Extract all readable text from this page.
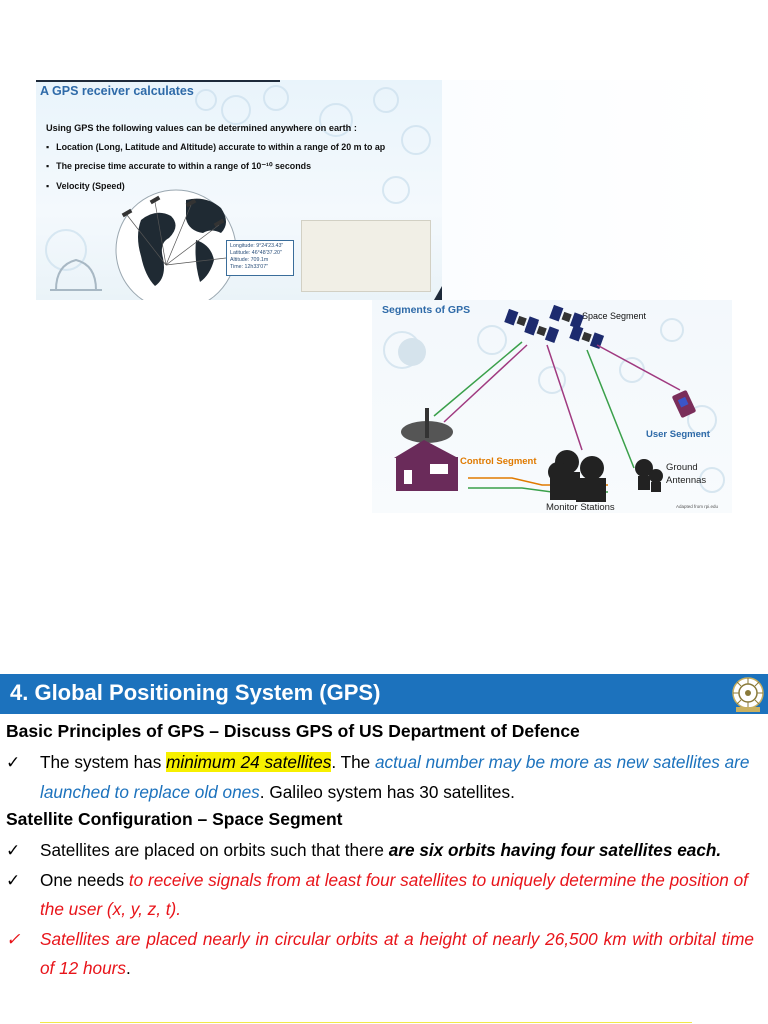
A GPS receiver calculates
Using GPS the following values can be determined anywhere on earth :
▪ Location (Long, Latitude and Altitude) accurate to within a range of 20 m to ap
▪ The precise time accurate to within a range of 10⁻¹⁰ seconds
▪ Velocity (Speed)
Longitude: 9°24'23.43"
Latitude: 46°48'37.20"
Altitude: 709.1m
Time: 12h33'07"
Segments of GPS	Space Segment
User Segment
Control Segment
Ground
Antennas
Monitor Stations	Adapted from rpi.edu
4. Global Positioning System (GPS)
Basic Principles of GPS – Discuss GPS of US Department of Defence
✓ The system has minimum 24 satellites. The actual number may be more as new satellites are launched to replace old ones. Galileo system has 30 satellites.
Satellite Configuration – Space Segment
✓ Satellites are placed on orbits such that there are six orbits having four satellites each.
✓ One needs to receive signals from at least four satellites to uniquely determine the position of the user (x, y, z, t).
✓ Satellites are placed nearly in circular orbits at a height of nearly 26,500 km with orbital time of 12 hours.
